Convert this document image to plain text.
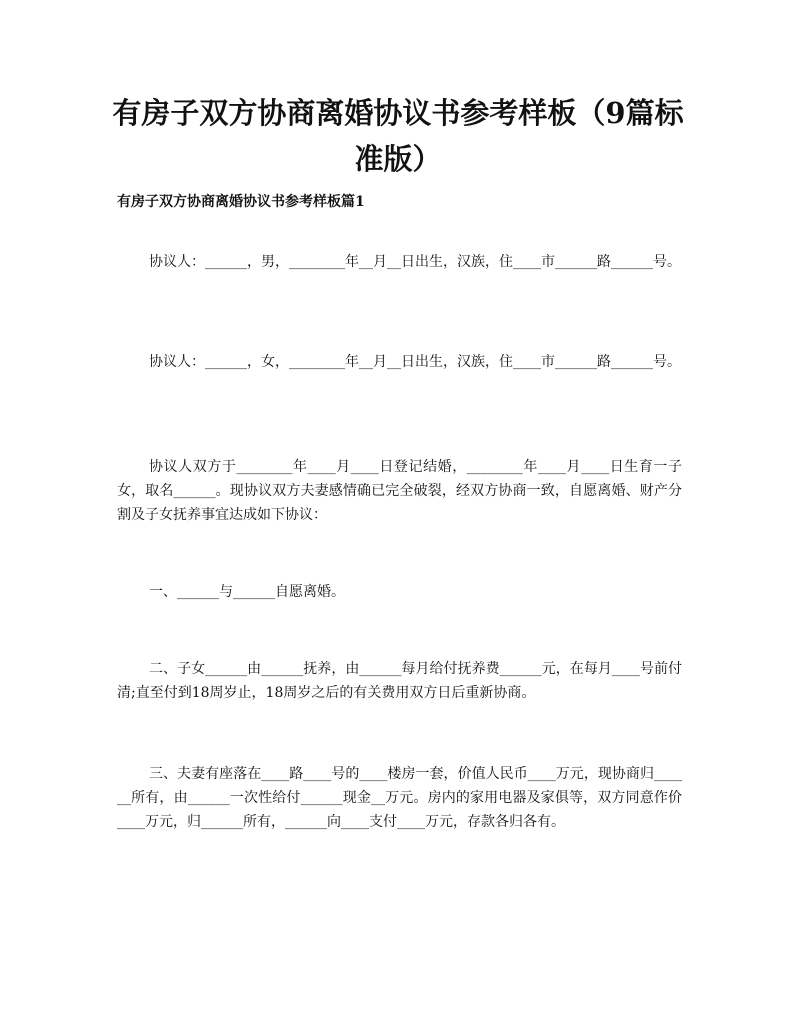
有房子双方协商离婚协议书参考样板（9篇标准版）
有房子双方协商离婚协议书参考样板篇1

协议人：______，男，________年__月__日出生，汉族，住____市______路______号。

协议人：______，女，________年__月__日出生，汉族，住____市______路______号。

协议人双方于________年____月____日登记结婚，________年____月____日生育一子女，取名______。现协议双方夫妻感情确已完全破裂，经双方协商一致，自愿离婚、财产分割及子女抚养事宜达成如下协议：

一、______与______自愿离婚。

二、子女______由______抚养，由______每月给付抚养费______元，在每月____号前付清;直至付到18周岁止，18周岁之后的有关费用双方日后重新协商。

三、夫妻有座落在____路____号的____楼房一套，价值人民币____万元，现协商归______所有，由______一次性给付______现金__万元。房内的家用电器及家俱等，双方同意作价____万元，归______所有，______向____支付____万元，存款各归各有。
